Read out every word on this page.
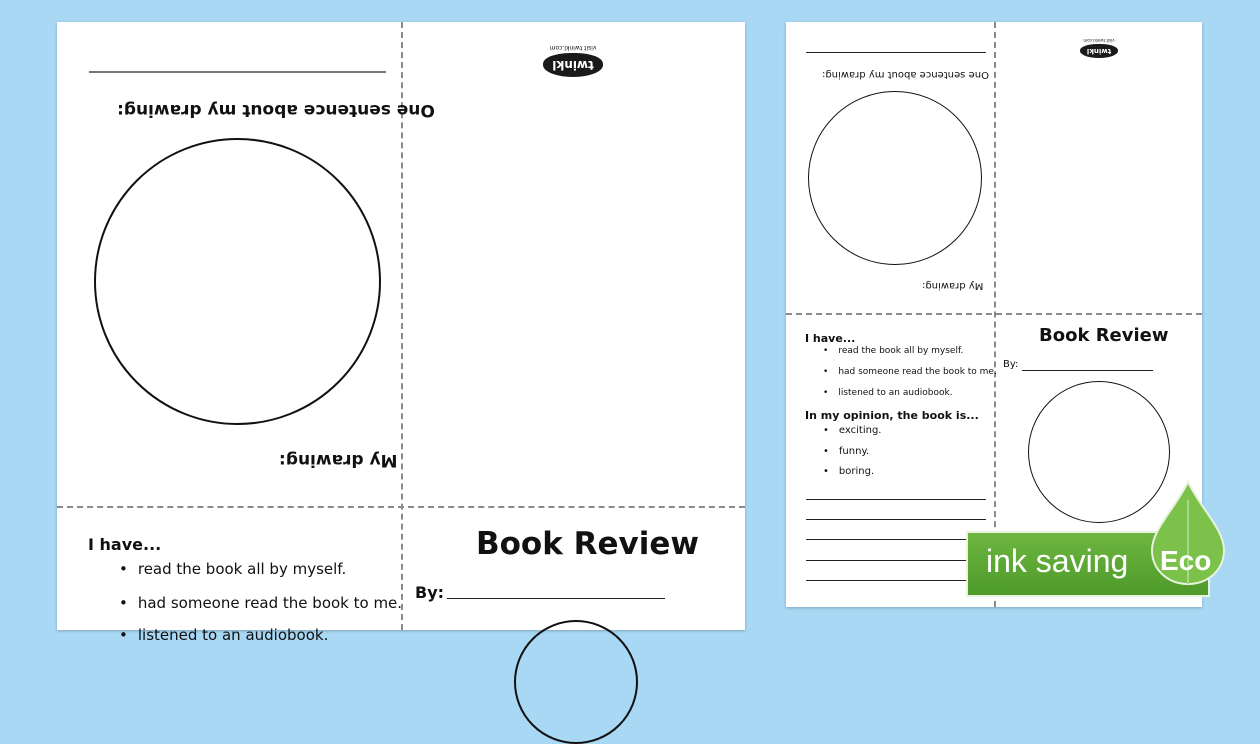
One sentence about my drawing:
My drawing:
twinkl
visit twinkl.com
I have...
• read the book all by myself.
• had someone read the book to me.
• listened to an audiobook.
Book Review
By:
One sentence about my drawing:
My drawing:
twinkl
visit twinkl.com
I have...
• read the book all by myself.
• had someone read the book to me.
• listened to an audiobook.
In my opinion, the book is...
• exciting.
• funny.
• boring.
Book Review
By:
ink saving Eco
